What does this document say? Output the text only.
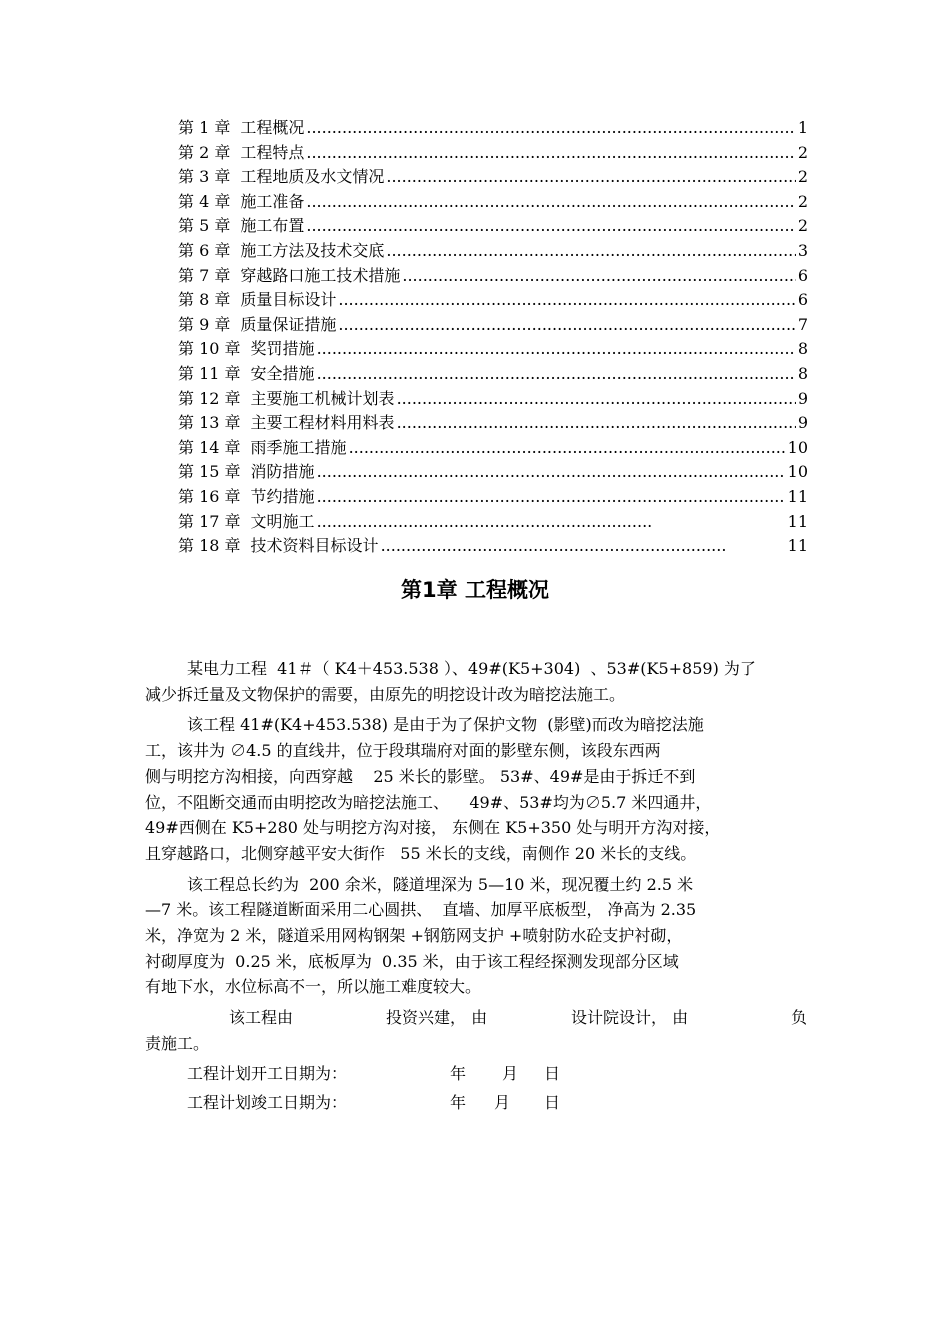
第 1 章 工程概况 .....	1
第 2 章 工程特点 .....	2
第 3 章 工程地质及水文情况 .....	2
第 4 章 施工准备 .....	2
第 5 章 施工布置 .....	2
第 6 章 施工方法及技术交底 .....	3
第 7 章 穿越路口施工技术措施 .....	6
第 8 章 质量目标设计 .....	6
第 9 章 质量保证措施 .....	7
第 10 章 奖罚措施 .....	8
第 11 章 安全措施 .....	8
第 12 章 主要施工机械计划表 .....	9
第 13 章 主要工程材料用料表 .....	9
第 14 章 雨季施工措施 .....	10
第 15 章 消防措施 .....	10
第 16 章 节约措施 .....	11
第 17 章 文明施工 .....	11
第 18 章 技术资料目标设计 .....	11
第1章 工程概况
某电力工程  41＃（ K4＋453.538 ）、49#(K5+304)  、53#(K5+859) 为了
减少拆迁量及文物保护的需要，由原先的明挖设计改为暗挖法施工。
该工程 41#(K4+453.538) 是由于为了保护文物  (影壁)而改为暗挖法施
工，该井为 ∅4.5 的直线井，位于段琪瑞府对面的影壁东侧，该段东西两
侧与明挖方沟相接，向西穿越    25 米长的影壁。 53#、49#是由于拆迁不到
位，不阻断交通而由明挖改为暗挖法施工、    49#、53#均为∅5.7 米四通井，
49#西侧在 K5+280 处与明挖方沟对接， 东侧在 K5+350 处与明开方沟对接，
且穿越路口，北侧穿越平安大街作   55 米长的支线，南侧作 20 米长的支线。
该工程总长约为  200 余米，隧道埋深为 5—10 米，现况覆土约 2.5 米
—7 米。该工程隧道断面采用二心圆拱、  直墙、加厚平底板型， 净高为 2.35
米，净宽为 2 米，隧道采用网构钢架 +钢筋网支护 +喷射防水砼支护衬砌，
衬砌厚度为  0.25 米，底板厚为  0.35 米，由于该工程经探测发现部分区域
有地下水，水位标高不一，所以施工难度较大。
该工程由	投资兴建， 由	设计院设计， 由	负
责施工。
工程计划开工日期为：	年 月 日
工程计划竣工日期为：	年 月 日
